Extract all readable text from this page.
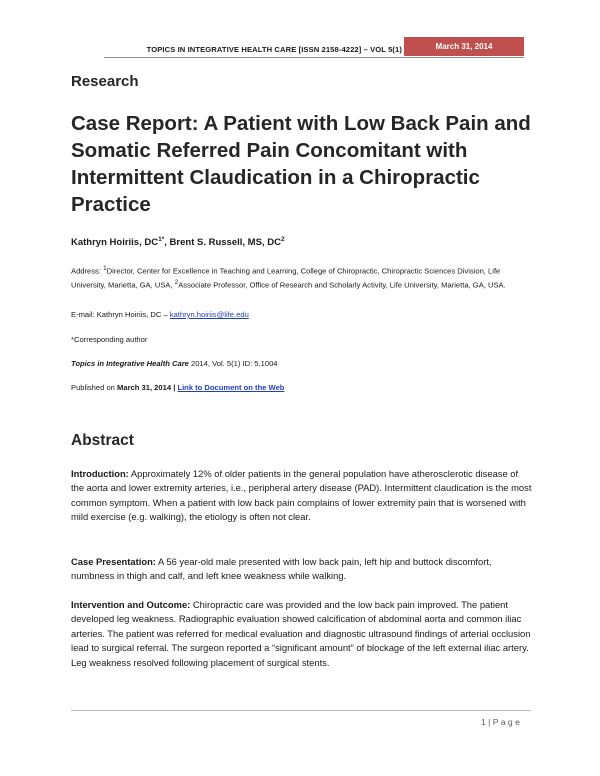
TOPICS IN INTEGRATIVE HEALTH CARE [ISSN 2158-4222] – VOL 5(1)	March 31, 2014
Research
Case Report: A Patient with Low Back Pain and Somatic Referred Pain Concomitant with Intermittent Claudication in a Chiropractic Practice
Kathryn Hoiriis, $DC^{1*}$, Brent S. Russell, MS, $DC^2$
Address: $^1$Director, Center for Excellence in Teaching and Learning, College of Chiropractic, Chiropractic Sciences Division, Life University, Marietta, GA, USA, $^2$Associate Professor, Office of Research and Scholarly Activity, Life University, Marietta, GA, USA.
E-mail: Kathryn Hoiriis, DC – kathryn.hoiriis@life.edu
*Corresponding author
Topics in Integrative Health Care 2014, Vol. 5(1) ID: 5.1004
Published on March 31, 2014 | Link to Document on the Web
Abstract

Introduction: Approximately 12% of older patients in the general population have atherosclerotic disease of the aorta and lower extremity arteries, i.e., peripheral artery disease (PAD). Intermittent claudication is the most common symptom. When a patient with low back pain complains of lower extremity pain that is worsened with mild exercise (e.g. walking), the etiology is often not clear.

Case Presentation: A 56 year-old male presented with low back pain, left hip and buttock discomfort, numbness in thigh and calf, and left knee weakness while walking.

Intervention and Outcome: Chiropractic care was provided and the low back pain improved. The patient developed leg weakness. Radiographic evaluation showed calcification of abdominal aorta and common iliac arteries. The patient was referred for medical evaluation and diagnostic ultrasound findings of arterial occlusion lead to surgical referral. The surgeon reported a “significant amount” of blockage of the left external iliac artery. Leg weakness resolved following placement of surgical stents.

1 | P a g e
